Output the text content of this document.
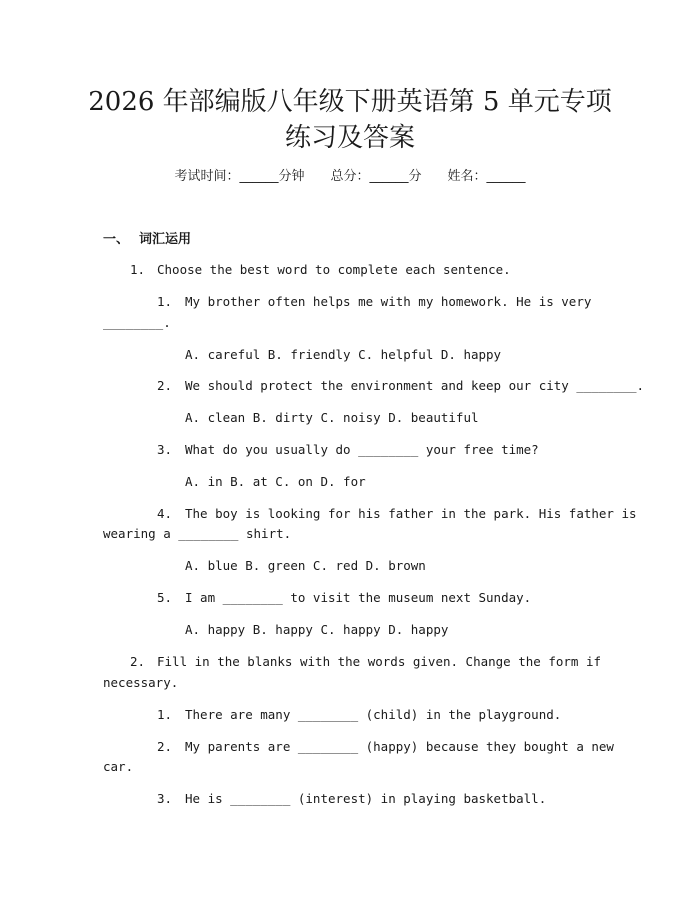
2026 年部编版八年级下册英语第 5 单元专项
练习及答案
考试时间：______分钟 总分：______分 姓名：______
一、 词汇运用
1. Choose the best word to complete each sentence.
1. My brother often helps me with my homework. He is very
________.
A. careful B. friendly C. helpful D. happy
2. We should protect the environment and keep our city ________.
A. clean B. dirty C. noisy D. beautiful
3. What do you usually do ________ your free time?
A. in B. at C. on D. for
4. The boy is looking for his father in the park. His father is
wearing a ________ shirt.
A. blue B. green C. red D. brown
5. I am ________ to visit the museum next Sunday.
A. happy B. happy C. happy D. happy
2. Fill in the blanks with the words given. Change the form if
necessary.
1. There are many ________ (child) in the playground.
2. My parents are ________ (happy) because they bought a new
car.
3. He is ________ (interest) in playing basketball.
